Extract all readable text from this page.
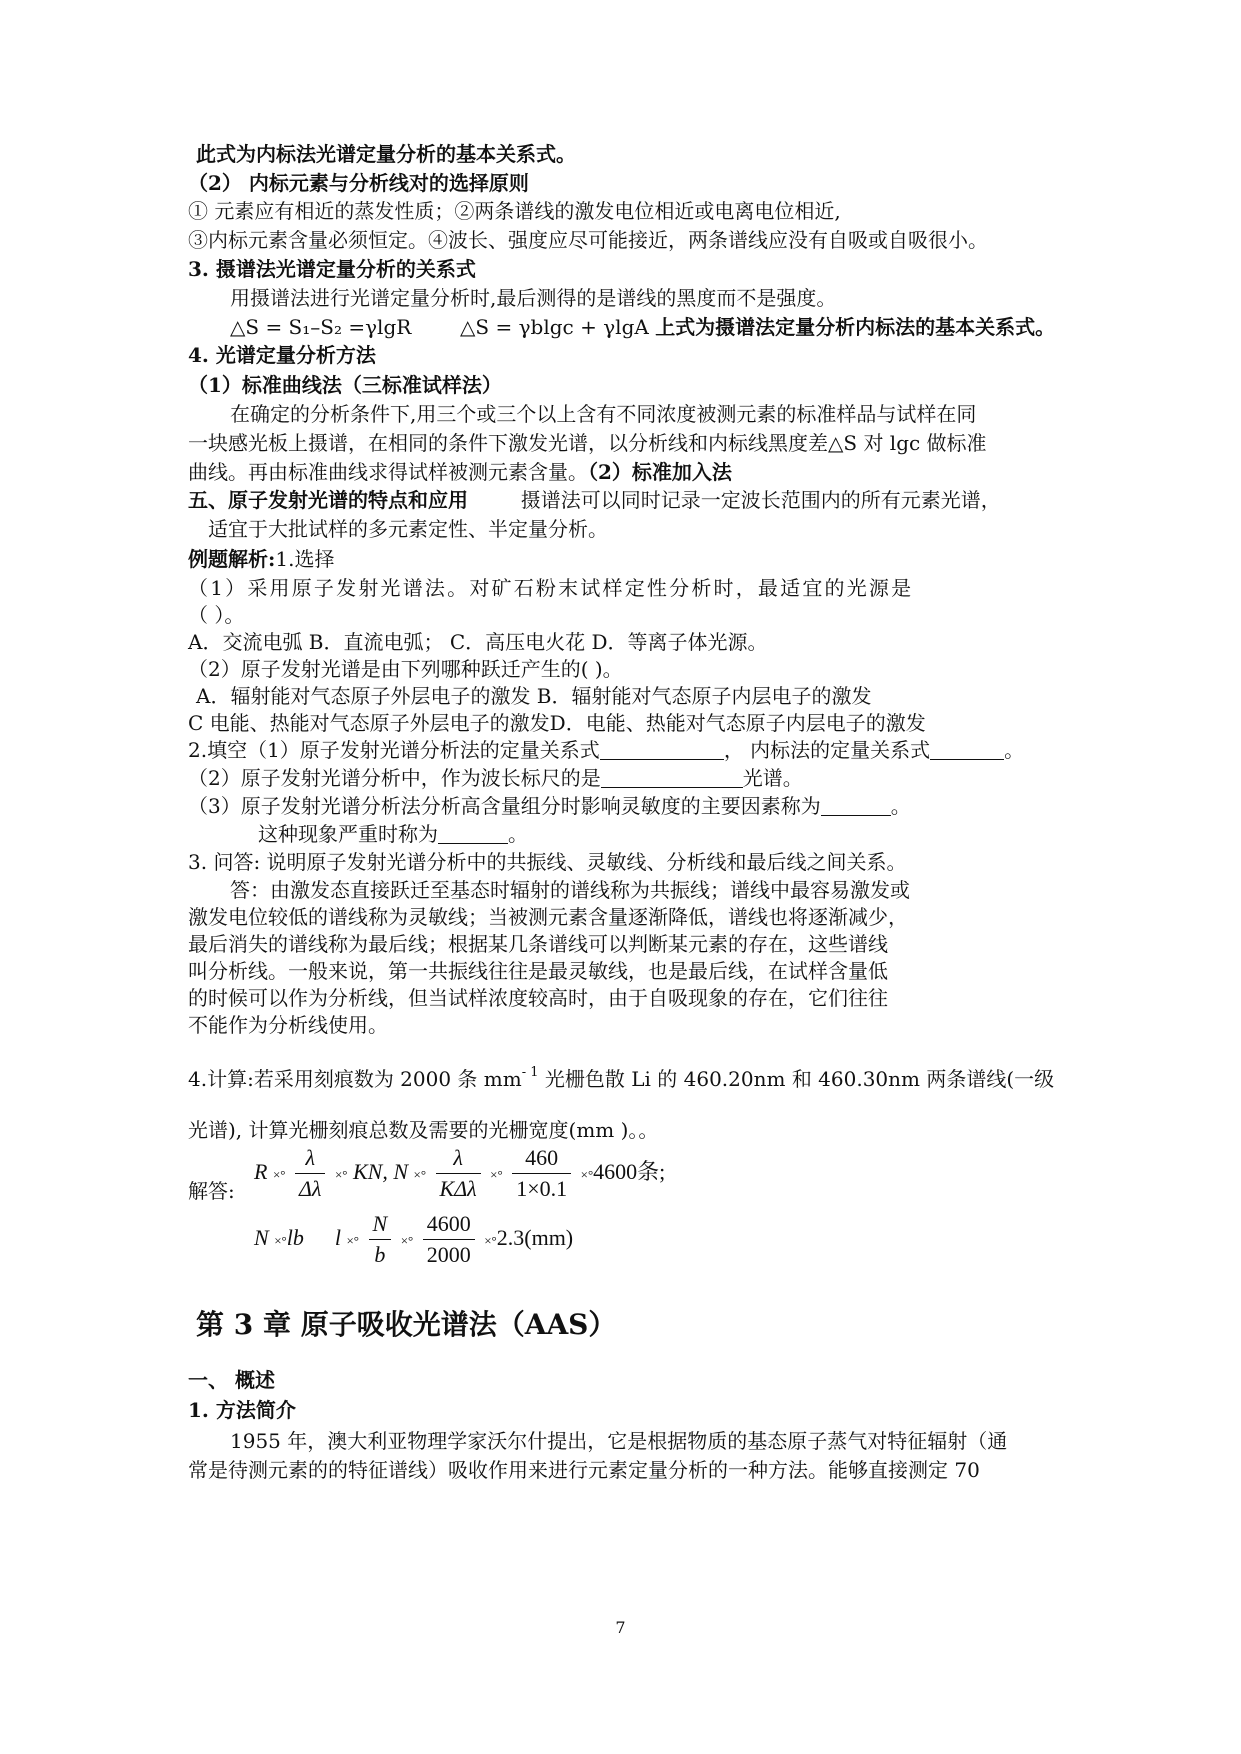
此式为内标法光谱定量分析的基本关系式。
（2） 内标元素与分析线对的选择原则
① 元素应有相近的蒸发性质；②两条谱线的激发电位相近或电离电位相近,
③内标元素含量必须恒定。④波长、强度应尽可能接近，两条谱线应没有自吸或自吸很小。
3. 摄谱法光谱定量分析的关系式
用摄谱法进行光谱定量分析时,最后测得的是谱线的黑度而不是强度。
△S = S₁–S₂ =γlgR △S = γblgc + γlgA 上式为摄谱法定量分析内标法的基本关系式。
4. 光谱定量分析方法
（1）标准曲线法（三标准试样法）
在确定的分析条件下,用三个或三个以上含有不同浓度被测元素的标准样品与试样在同
一块感光板上摄谱，在相同的条件下激发光谱，以分析线和内标线黑度差△S 对 lgc 做标准
曲线。再由标准曲线求得试样被测元素含量。（2）标准加入法
五、原子发射光谱的特点和应用	摄谱法可以同时记录一定波长范围内的所有元素光谱，
适宜于大批试样的多元素定性、半定量分析。
例题解析:1.选择
（1）采用原子发射光谱法。对矿石粉末试样定性分析时，最适宜的光源是
（ ）。
A．交流电弧 B．直流电弧； C．高压电火花 D．等离子体光源。
（2）原子发射光谱是由下列哪种跃迁产生的( )。
A．辐射能对气态原子外层电子的激发 B．辐射能对气态原子内层电子的激发
C 电能、热能对气态原子外层电子的激发D．电能、热能对气态原子内层电子的激发
2.填空（1）原子发射光谱分析法的定量关系式	， 内标法的定量关系式	。
（2）原子发射光谱分析中，作为波长标尺的是	光谱。
（3）原子发射光谱分析法分析高含量组分时影响灵敏度的主要因素称为	。
这种现象严重时称为	。
3. 问答: 说明原子发射光谱分析中的共振线、灵敏线、分析线和最后线之间关系。
答：由激发态直接跃迁至基态时辐射的谱线称为共振线；谱线中最容易激发或
激发电位较低的谱线称为灵敏线；当被测元素含量逐渐降低，谱线也将逐渐减少，
最后消失的谱线称为最后线；根据某几条谱线可以判断某元素的存在，这些谱线
叫分析线。一般来说，第一共振线往往是最灵敏线，也是最后线，在试样含量低
的时候可以作为分析线，但当试样浓度较高时，由于自吸现象的存在，它们往往
不能作为分析线使用。
4.计算:若采用刻痕数为 2000 条 $mm^{- 1}$ 光栅色散 Li 的 460.20nm 和 460.30nm 两条谱线(一级
光谱), 计算光栅刻痕总数及需要的光栅宽度(mm )。。
解答:
R ×° $\frac{\lambda}{\Delta\lambda}$ ×° KN, N ×° $\frac{\lambda}{\text{KΔλ}}$ ×° $\frac{460}{1\times 0.1} \times^\circ 4600$条;
N ×°lb l ×° $\frac{N}{b}$ ×° $\frac{4600}{2000} \times^\circ 2.3(mm)$
第 3 章 原子吸收光谱法（AAS）
一、 概述
1. 方法简介
1955 年，澳大利亚物理学家沃尔什提出，它是根据物质的基态原子蒸气对特征辐射（通
常是待测元素的的特征谱线）吸收作用来进行元素定量分析的一种方法。能够直接测定 70
7
